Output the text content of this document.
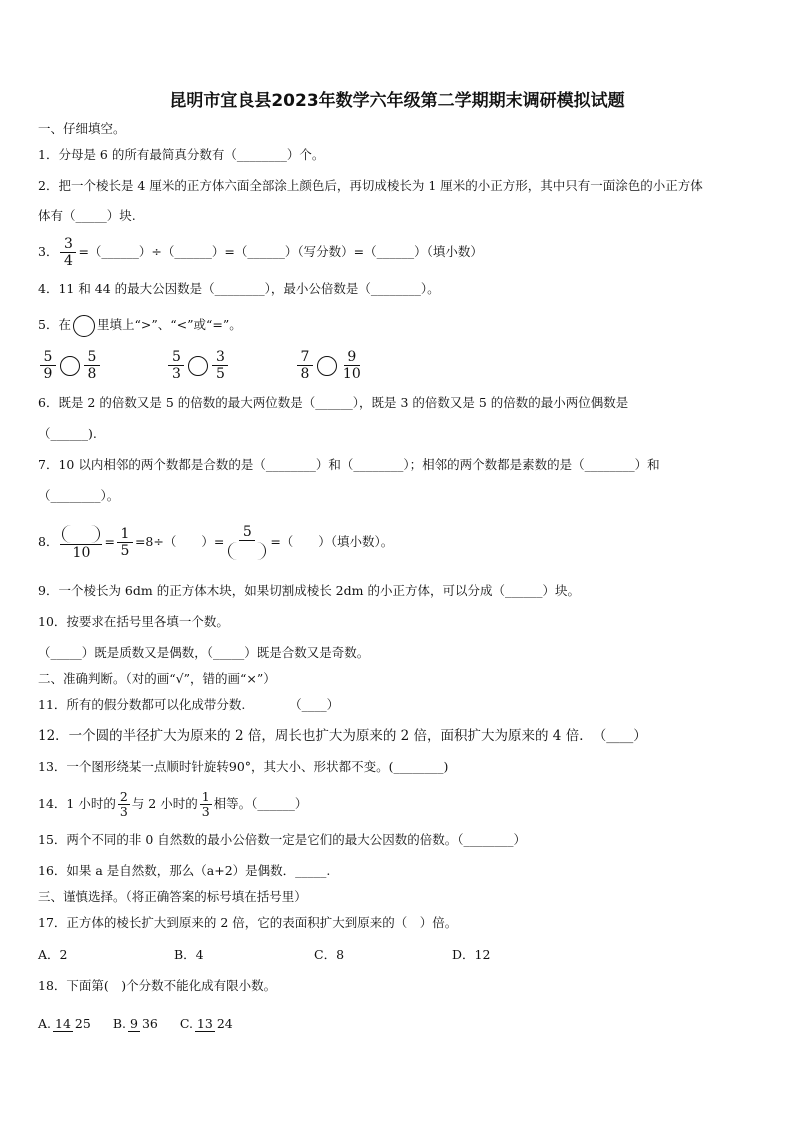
昆明市宜良县2023年数学六年级第二学期期末调研模拟试题
一、仔细填空。
1．分母是 6 的所有最简真分数有（________）个。
2．把一个棱长是 4 厘米的正方体六面全部涂上颜色后，再切成棱长为 1 厘米的小正方形，其中只有一面涂色的小正方体
体有（_____）块.
3． $\frac{3}{4}$ =（______）÷（______）=（______）（写分数）=（______）（填小数）
4．11 和 44 的最大公因数是（________），最小公倍数是（________）。
5．在 里填上“>”、“<”或“=”。
$\frac{5}{9} \frac{5}{8}$
	$\frac{5}{3} \frac{3}{5}$
	$\frac{7}{8} \frac{9}{10}$
6．既是 2 的倍数又是 5 的倍数的最大两位数是（______），既是 3 的倍数又是 5 的倍数的最小两位偶数是
（______).
7．10 以内相邻的两个数都是合数的是（________）和（________）；相邻的两个数都是素数的是（________）和
（________）。
8．
10
= $\frac{1}{5} =8\div$（　　）=
5
=（　　）（填小数）。
9．一个棱长为 6dm 的正方体木块，如果切割成棱长 2dm 的小正方体，可以分成（______）块。
10．按要求在括号里各填一个数。
（_____）既是质数又是偶数，（_____）既是合数又是奇数。
二、准确判断。（对的画“√”，错的画“×”）
11．所有的假分数都可以化成带分数.　　　　（____）
12．一个圆的半径扩大为原来的 2 倍，周长也扩大为原来的 2 倍，面积扩大为原来的 4 倍．　（____）
13．一个图形绕某一点顺时针旋转90°，其大小、形状都不变。(________)
14．1 小时的 $\frac{2}{3}$ 与 2 小时的 $\frac{1}{3}$ 相等。（______）
15．两个不同的非 0 自然数的最小公倍数一定是它们的最大公因数的倍数。（________）
16．如果 a 是自然数，那么（a+2）是偶数．_____.
三、谨慎选择。（将正确答案的标号填在括号里）
17．正方体的棱长扩大到原来的 2 倍，它的表面积扩大到原来的（　）倍。
A．2	B．4	C．8	D．12
18．下面第(　)个分数不能化成有限小数。
A. 14 25 B. 9 36 C. 13 24
